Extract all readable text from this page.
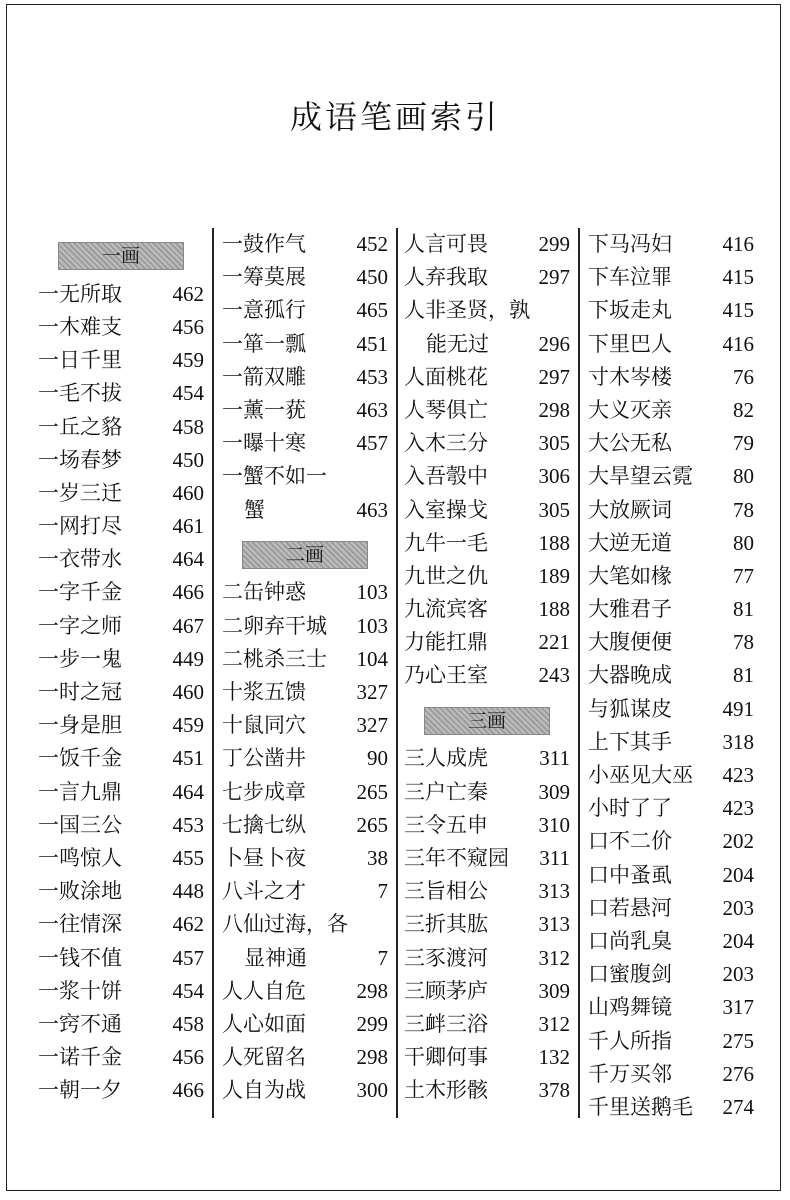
成语笔画索引
一画
一无所取 462
一木难支 456
一日千里 459
一毛不拔 454
一丘之貉 458
一场春梦 450
一岁三迁 460
一网打尽 461
一衣带水 464
一字千金 466
一字之师 467
一步一鬼 449
一时之冠 460
一身是胆 459
一饭千金 451
一言九鼎 464
一国三公 453
一鸣惊人 455
一败涂地 448
一往情深 462
一钱不值 457
一浆十饼 454
一窍不通 458
一诺千金 456
一朝一夕 466
一鼓作气 452
一筹莫展 450
一意孤行 465
一箪一瓢 451
一箭双雕 453
一薰一莸 463
一曝十寒 457
一蟹不如一
蟹	463
二画
二缶钟惑 103
二卵弃干城 103
二桃杀三士 104
十浆五馈 327
十鼠同穴 327
丁公凿井	90
七步成章 265
七擒七纵 265
卜昼卜夜	38
八斗之才	7
八仙过海，各
显神通	7
人人自危 298
人心如面 299
人死留名 298
人自为战 300
人言可畏 299
人弃我取 297
人非圣贤，孰
能无过 296
人面桃花 297
人琴俱亡 298
入木三分 305
入吾彀中 306
入室操戈 305
九牛一毛 188
九世之仇 189
九流宾客 188
力能扛鼎 221
乃心王室 243
三画
三人成虎 311
三户亡秦 309
三令五申 310
三年不窥园 311
三旨相公 313
三折其肱 313
三豕渡河 312
三顾茅庐 309
三衅三浴 312
干卿何事 132
土木形骸 378
下马冯妇 416
下车泣罪 415
下坂走丸 415
下里巴人 416
寸木岑楼	76
大义灭亲	82
大公无私	79
大旱望云霓 80
大放厥词	78
大逆无道	80
大笔如椽	77
大雅君子	81
大腹便便	78
大器晚成	81
与狐谋皮 491
上下其手 318
小巫见大巫 423
小时了了 423
口不二价 202
口中蚤虱 204
口若悬河 203
口尚乳臭 204
口蜜腹剑 203
山鸡舞镜 317
千人所指 275
千万买邻 276
千里送鹅毛 274
